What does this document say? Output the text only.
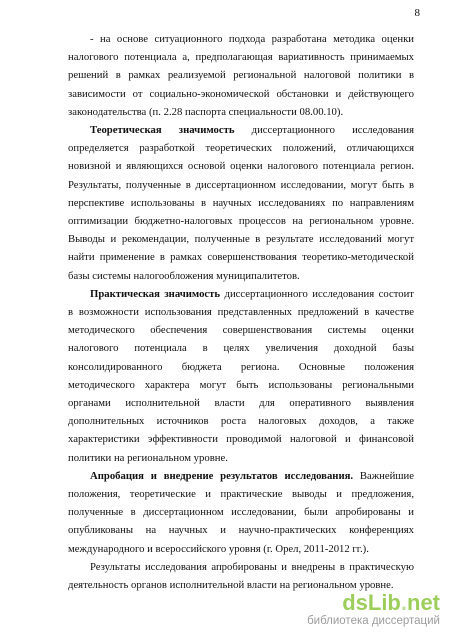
8

- на основе ситуационного подхода разработана методика оценки налогового потенциала а, предполагающая вариативность принимаемых решений в рамках реализуемой региональной налоговой политики в зависимости от социально-экономической обстановки и действующего законодательства (п. 2.28 паспорта специальности 08.00.10).

Теоретическая значимость диссертационного исследования определяется разработкой теоретических положений, отличающихся новизной и являющихся основой оценки налогового потенциала регион. Результаты, полученные в диссертационном исследовании, могут быть в перспективе использованы в научных исследованиях по направлениям оптимизации бюджетно-налоговых процессов на региональном уровне. Выводы и рекомендации, полученные в результате исследований могут найти применение в рамках совершенствования теоретико-методической базы системы налогообложения муниципалитетов.

Практическая значимость диссертационного исследования состоит в возможности использования представленных предложений в качестве методического обеспечения совершенствования системы оценки налогового потенциала в целях увеличения доходной базы консолидированного бюджета региона. Основные положения методического характера могут быть использованы региональными органами исполнительной власти для оперативного выявления дополнительных источников роста налоговых доходов, а также характеристики эффективности проводимой налоговой и финансовой политики на региональном уровне.

Апробация и внедрение результатов исследования. Важнейшие положения, теоретические и практические выводы и предложения, полученные в диссертационном исследовании, были апробированы и опубликованы на научных и научно-практических конференциях международного и всероссийского уровня (г. Орел, 2011-2012 гг.).

Результаты исследования апробированы и внедрены в практическую деятельность органов исполнительной власти на региональном уровне.

dsLib.net
библиотека диссертаций
